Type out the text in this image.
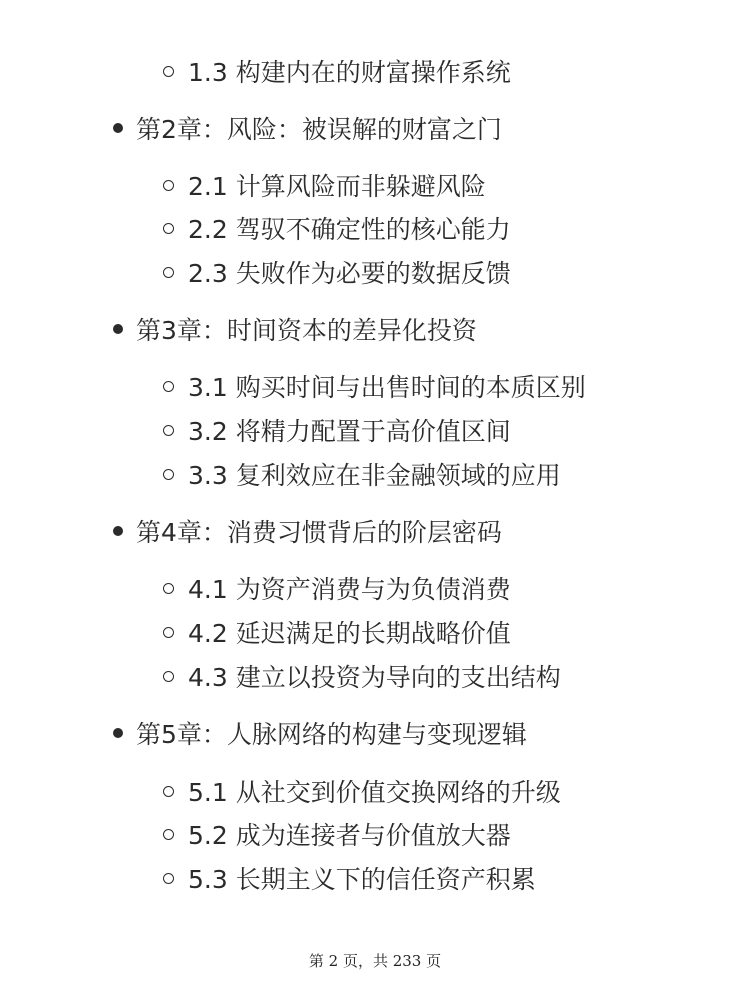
1.3 构建内在的财富操作系统
第2章：风险：被误解的财富之门
2.1 计算风险而非躲避风险
2.2 驾驭不确定性的核心能力
2.3 失败作为必要的数据反馈
第3章：时间资本的差异化投资
3.1 购买时间与出售时间的本质区别
3.2 将精力配置于高价值区间
3.3 复利效应在非金融领域的应用
第4章：消费习惯背后的阶层密码
4.1 为资产消费与为负债消费
4.2 延迟满足的长期战略价值
4.3 建立以投资为导向的支出结构
第5章：人脉网络的构建与变现逻辑
5.1 从社交到价值交换网络的升级
5.2 成为连接者与价值放大器
5.3 长期主义下的信任资产积累
第 2 页，共 233 页
